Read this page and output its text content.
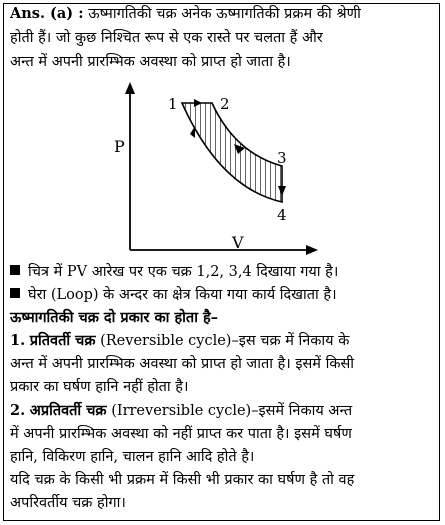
Ans. (a) : ऊष्मागतिकी चक्र अनेक ऊष्मागतिकी प्रक्रम की श्रेणी
होती हैं। जो कुछ निश्चित रूप से एक रास्ते पर चलता हैं और
अन्त में अपनी प्रारम्भिक अवस्था को प्राप्त हो जाता है।
P
V
1	2
3
4
चित्र में PV आरेख पर एक चक्र 1,2, 3,4 दिखाया गया है।
घेरा (Loop) के अन्दर का क्षेत्र किया गया कार्य दिखाता है।
ऊष्मागतिकी चक्र दो प्रकार का होता है–
1. प्रतिवर्ती चक्र (Reversible cycle)–इस चक्र में निकाय के
अन्त में अपनी प्रारम्भिक अवस्था को प्राप्त हो जाता है। इसमें किसी
प्रकार का घर्षण हानि नहीं होता है।
2. अप्रतिवर्ती चक्र (Irreversible cycle)–इसमें निकाय अन्त
में अपनी प्रारम्भिक अवस्था को नहीं प्राप्त कर पाता है। इसमें घर्षण
हानि, विकिरण हानि, चालन हानि आदि होते है।
यदि चक्र के किसी भी प्रक्रम में किसी भी प्रकार का घर्षण है तो वह
अपरिवर्तीय चक्र होगा।
